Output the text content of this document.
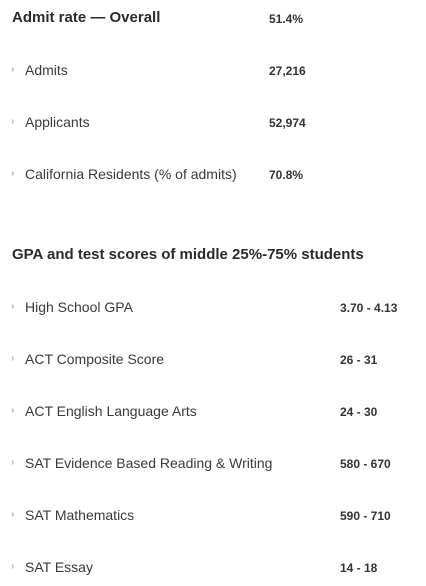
Admit rate — Overall	51.4%
› Admits	27,216
› Applicants	52,974
› California Residents (% of admits)	70.8%
GPA and test scores of middle 25%-75% students
› High School GPA	3.70 - 4.13
› ACT Composite Score	26 - 31
› ACT English Language Arts	24 - 30
› SAT Evidence Based Reading & Writing	580 - 670
› SAT Mathematics	590 - 710
› SAT Essay	14 - 18
